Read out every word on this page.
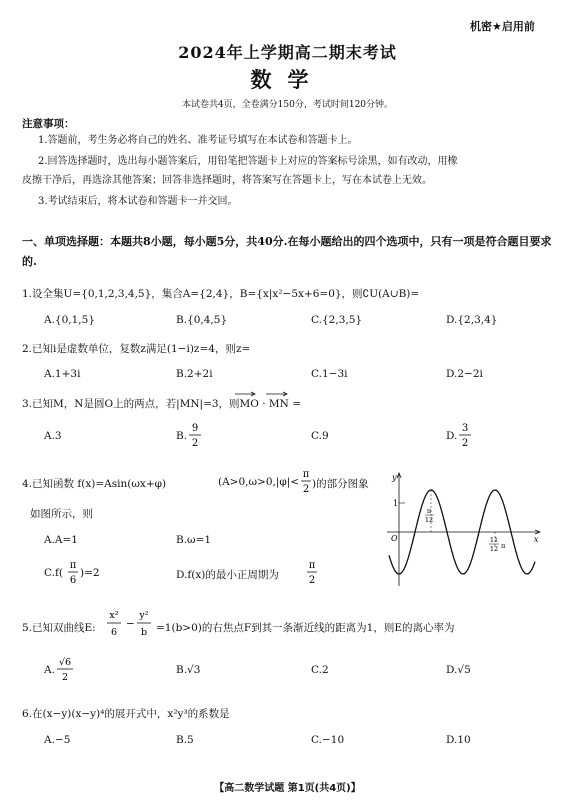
机密★启用前
2024年上学期高二期末考试
数学
本试卷共4页，全卷满分150分，考试时间120分钟。
注意事项：
1.答题前，考生务必将自己的姓名、准考证号填写在本试卷和答题卡上。
2.回答选择题时，选出每小题答案后，用铅笔把答题卡上对应的答案标号涂黑，如有改动，用橡
皮擦干净后，再选涂其他答案；回答非选择题时，将答案写在答题卡上，写在本试卷上无效。
3.考试结束后，将本试卷和答题卡一并交回。
一、单项选择题：本题共8小题，每小题5分，共40分.在每小题给出的四个选项中，只有一项是符合题目要求的.
1.设全集U={0,1,2,3,4,5}，集合A={2,4}，B={x|x²−5x+6=0}，则∁U(A∪B)=
A.{0,1,5}	B.{0,4,5}	C.{2,3,5}	D.{2,3,4}
2.已知i是虚数单位，复数z满足(1−i)z=4，则z=
A.1+3i	B.2+2i	C.1−3i	D.2−2i
3.已知M，N是圆O上的两点，若|MN|=3，则MO · MN =
A.3	B.
9
2
C.9	D.
3
2
4.已知函数 f(x)=Asin(ωx+φ)	(A>0,ω>0,|φ|<
π
2 )的部分图象
如图所示，则
A.A=1	B.ω=1
C.f(
π
6
)=2	D.f(x)的最小正周期为
π
2
y
x
O
1
π
12
11
12 π
5.已知双曲线E:
x²
6
−
y²
b =1(b>0)的右焦点F到其一条渐近线的距离为1，则E的离心率为
A.
√6
2
B.√3	C.2	D.√5
6.在(x−y)(x−y)⁴的展开式中，x²y³的系数是
A.−5	B.5	C.−10	D.10
【高二数学试题 第1页(共4页)】
